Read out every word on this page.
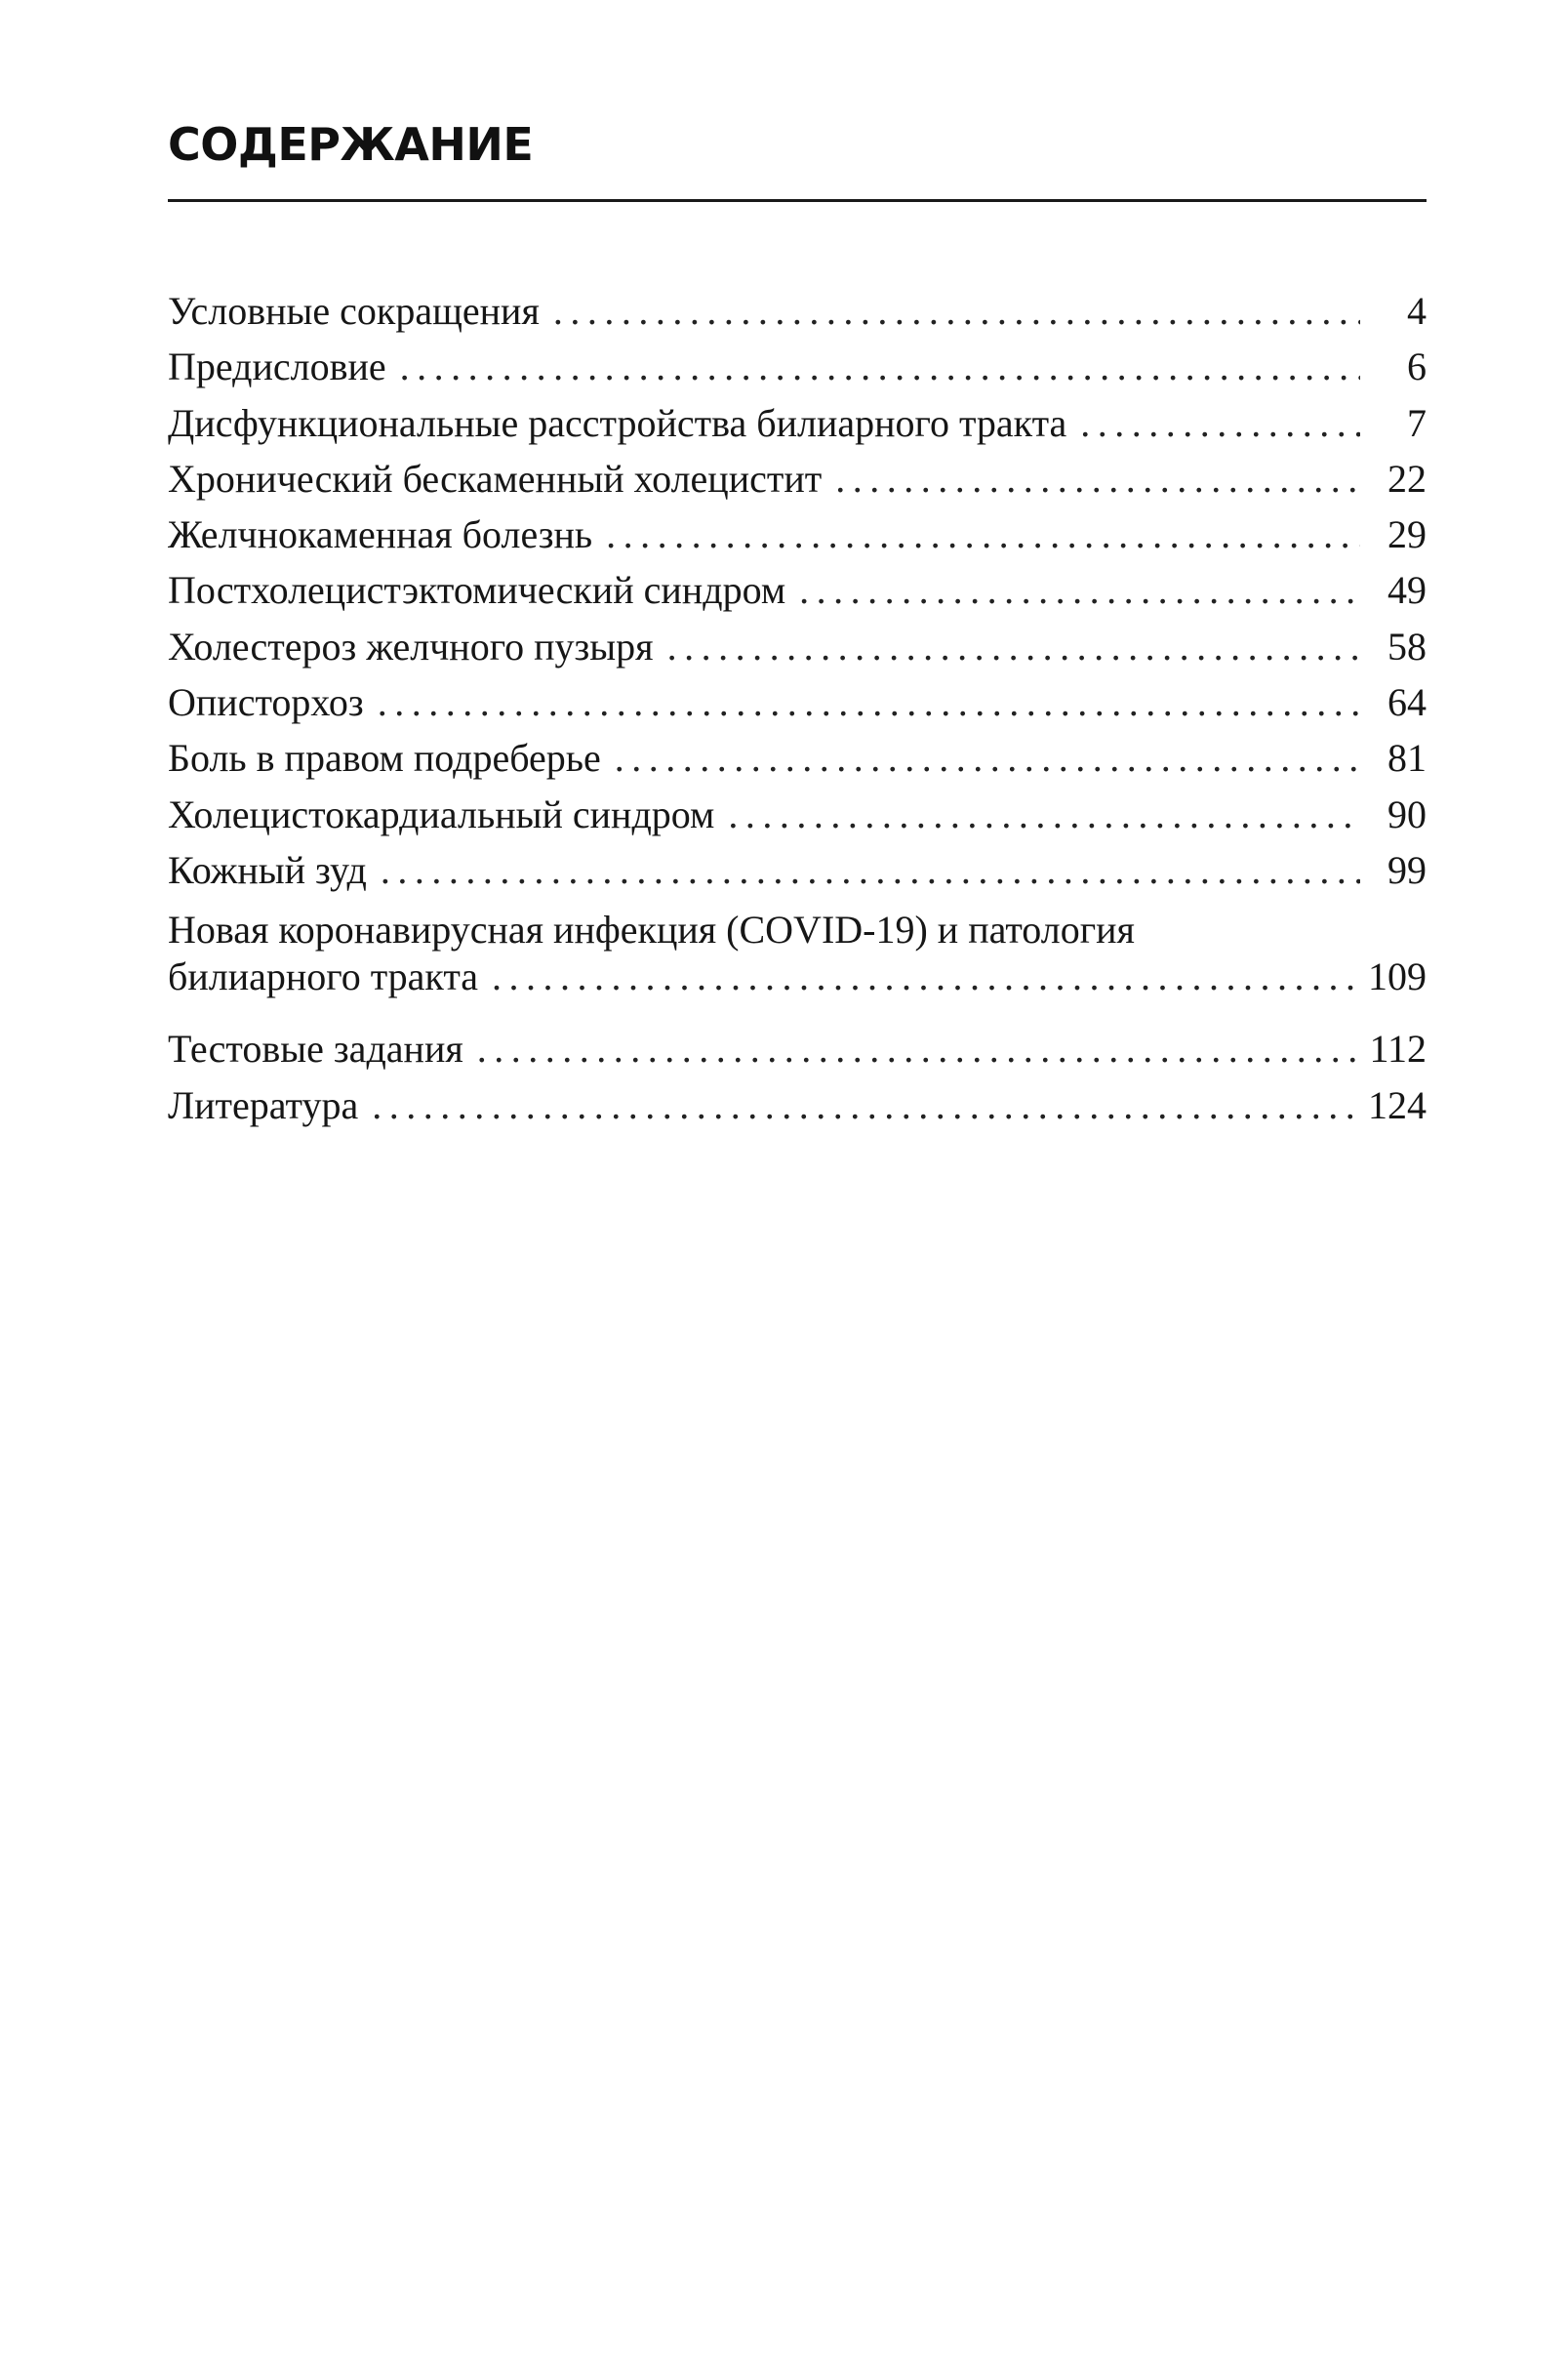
СОДЕРЖАНИЕ
Условные сокращения .....	4
Предисловие .....	6
Дисфункциональные расстройства билиарного тракта .....	7
Хронический бескаменный холецистит .....	22
Желчнокаменная болезнь .....	29
Постхолецистэктомический синдром .....	49
Холестероз желчного пузыря .....	58
Описторхоз .....	64
Боль в правом подреберье .....	81
Холецистокардиальный синдром .....	90
Кожный зуд .....	99
Новая коронавирусная инфекция (COVID-19) и патология
билиарного тракта .....	109
Тестовые задания .....	112
Литература .....	124
